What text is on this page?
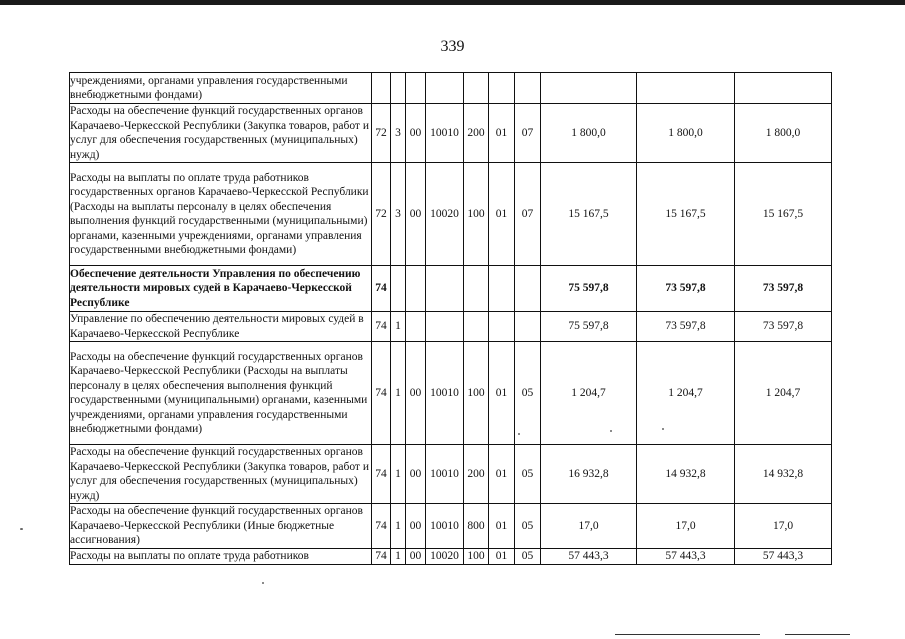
339
учреждениями, органами управления государственными внебюджетными фондами)										
Расходы на обеспечение функций государственных органов Карачаево-Черкесской Республики (Закупка товаров, работ и услуг для обеспечения государственных (муниципальных) нужд)	72	3	00	10010	200	01	07	1 800,0	1 800,0	1 800,0
Расходы на выплаты по оплате труда работников государственных органов Карачаево-Черкесской Республики (Расходы на выплаты персоналу в целях обеспечения выполнения функций государственными (муниципальными) органами, казенными учреждениями, органами управления государственными внебюджетными фондами)	72	3	00	10020	100	01	07	15 167,5	15 167,5	15 167,5
Обеспечение деятельности Управления по обеспечению деятельности мировых судей в Карачаево-Черкесской Республике	74							75 597,8	73 597,8	73 597,8
Управление по обеспечению деятельности мировых судей в Карачаево-Черкесской Республике	74	1						75 597,8	73 597,8	73 597,8
Расходы на обеспечение функций государственных органов Карачаево-Черкесской Республики (Расходы на выплаты персоналу в целях обеспечения выполнения функций государственными (муниципальными) органами, казенными учреждениями, органами управления государственными внебюджетными фондами)	74	1	00	10010	100	01	05	1 204,7	1 204,7	1 204,7
Расходы на обеспечение функций государственных органов Карачаево-Черкесской Республики (Закупка товаров, работ и услуг для обеспечения государственных (муниципальных) нужд)	74	1	00	10010	200	01	05	16 932,8	14 932,8	14 932,8
Расходы на обеспечение функций государственных органов Карачаево-Черкесской Республики (Иные бюджетные ассигнования)	74	1	00	10010	800	01	05	17,0	17,0	17,0
Расходы на выплаты по оплате труда работников	74	1	00	10020	100	01	05	57 443,3	57 443,3	57 443,3
